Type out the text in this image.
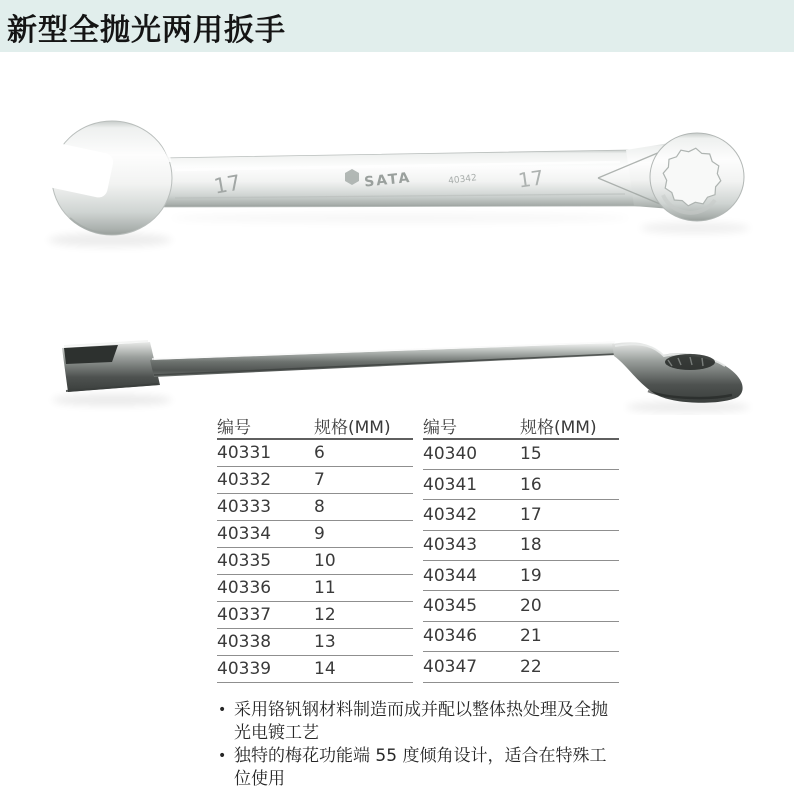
新型全抛光两用扳手
17	SATA	40342 17
编号	规格(MM)
40331	6
40332	7
40333	8
40334	9
40335	10
40336	11
40337	12
40338	13
40339	14
编号	规格(MM)
40340	15
40341	16
40342	17
40343	18
40344	19
40345	20
40346	21
40347	22
• 采用铬钒钢材料制造而成并配以整体热处理及全抛光电镀工艺
• 独特的梅花功能端 55 度倾角设计，适合在特殊工位使用
